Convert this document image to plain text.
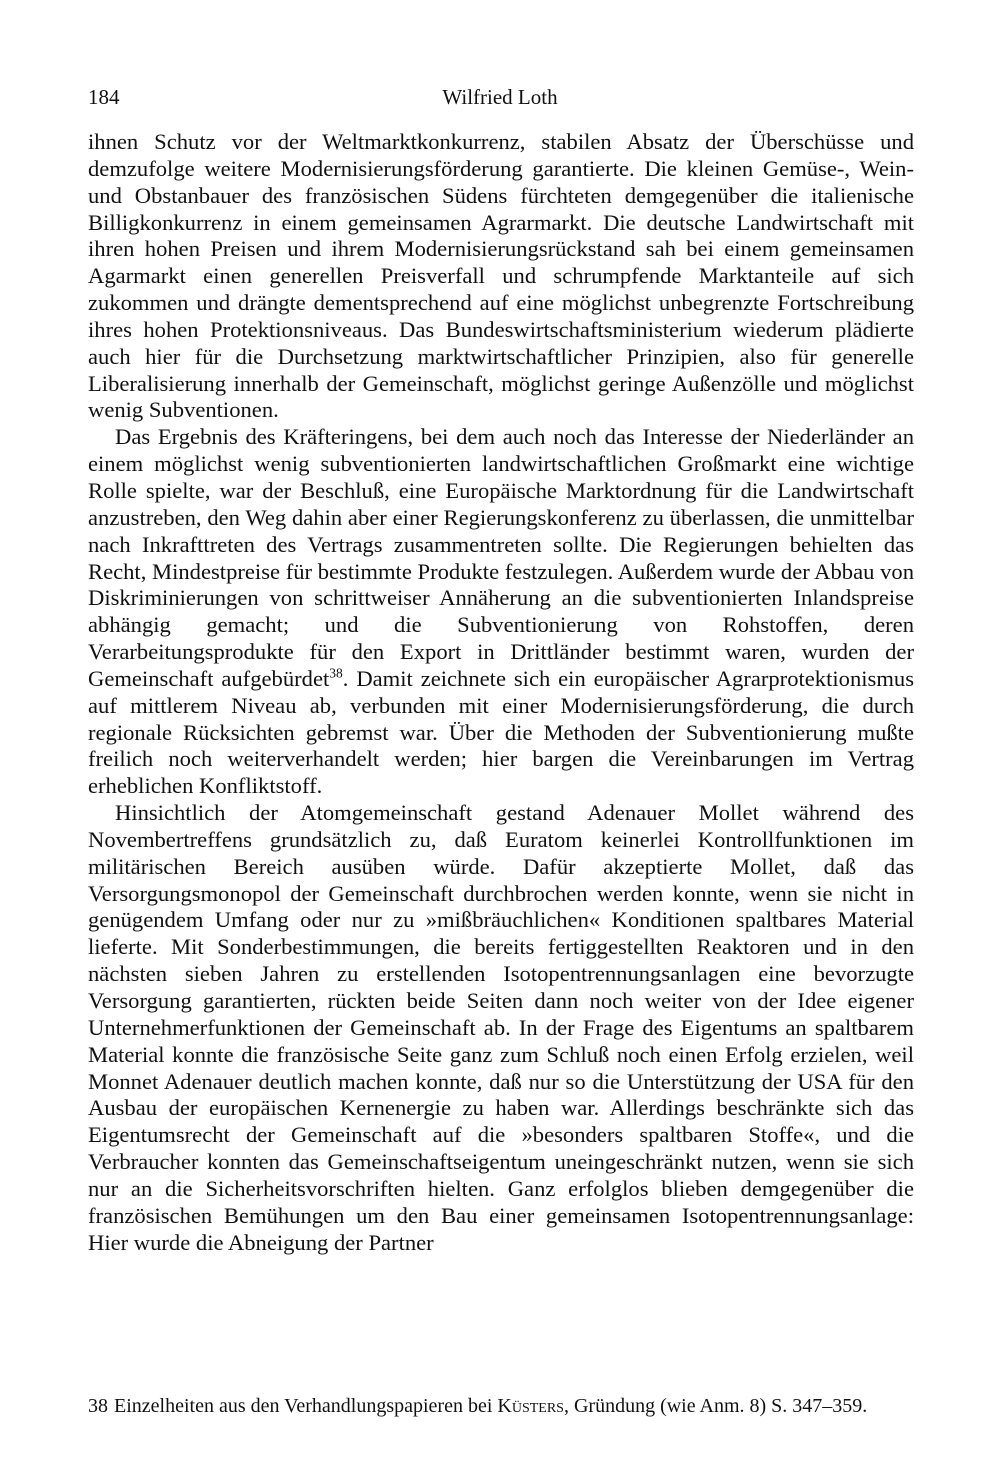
184	Wilfried Loth

ihnen Schutz vor der Weltmarktkonkurrenz, stabilen Absatz der Überschüsse und demzufolge weitere Modernisierungsförderung garantierte. Die kleinen Gemüse-, Wein- und Obstanbauer des französischen Südens fürchteten demgegenüber die italienische Billigkonkurrenz in einem gemeinsamen Agrarmarkt. Die deutsche Landwirtschaft mit ihren hohen Preisen und ihrem Modernisierungsrückstand sah bei einem gemeinsamen Agarmarkt einen generellen Preisverfall und schrumpfende Marktanteile auf sich zukommen und drängte dementsprechend auf eine möglichst unbegrenzte Fortschreibung ihres hohen Protektionsniveaus. Das Bundeswirtschaftsministerium wiederum plädierte auch hier für die Durchsetzung marktwirtschaftlicher Prinzipien, also für generelle Liberalisierung innerhalb der Gemeinschaft, möglichst geringe Außenzölle und möglichst wenig Subventionen.

Das Ergebnis des Kräfteringens, bei dem auch noch das Interesse der Niederländer an einem möglichst wenig subventionierten landwirtschaftlichen Großmarkt eine wichtige Rolle spielte, war der Beschluß, eine Europäische Marktordnung für die Landwirtschaft anzustreben, den Weg dahin aber einer Regierungskonferenz zu überlassen, die unmittelbar nach Inkrafttreten des Vertrags zusammentreten sollte. Die Regierungen behielten das Recht, Mindestpreise für bestimmte Produkte festzulegen. Außerdem wurde der Abbau von Diskriminierungen von schrittweiser Annäherung an die subventionierten Inlandspreise abhängig gemacht; und die Subventionierung von Rohstoffen, deren Verarbeitungsprodukte für den Export in Drittländer bestimmt waren, wurden der Gemeinschaft aufgebürdet$^{38}$. Damit zeichnete sich ein europäischer Agrarprotektionismus auf mittlerem Niveau ab, verbunden mit einer Modernisierungsförderung, die durch regionale Rücksichten gebremst war. Über die Methoden der Subventionierung mußte freilich noch weiterverhandelt werden; hier bargen die Vereinbarungen im Vertrag erheblichen Konfliktstoff.

Hinsichtlich der Atomgemeinschaft gestand Adenauer Mollet während des Novembertreffens grundsätzlich zu, daß Euratom keinerlei Kontrollfunktionen im militärischen Bereich ausüben würde. Dafür akzeptierte Mollet, daß das Versorgungsmonopol der Gemeinschaft durchbrochen werden konnte, wenn sie nicht in genügendem Umfang oder nur zu »mißbräuchlichen« Konditionen spaltbares Material lieferte. Mit Sonderbestimmungen, die bereits fertiggestellten Reaktoren und in den nächsten sieben Jahren zu erstellenden Isotopentrennungsanlagen eine bevorzugte Versorgung garantierten, rückten beide Seiten dann noch weiter von der Idee eigener Unternehmerfunktionen der Gemeinschaft ab. In der Frage des Eigentums an spaltbarem Material konnte die französische Seite ganz zum Schluß noch einen Erfolg erzielen, weil Monnet Adenauer deutlich machen konnte, daß nur so die Unterstützung der USA für den Ausbau der europäischen Kernenergie zu haben war. Allerdings beschränkte sich das Eigentumsrecht der Gemeinschaft auf die »besonders spaltbaren Stoffe«, und die Verbraucher konnten das Gemeinschaftseigentum uneingeschränkt nutzen, wenn sie sich nur an die Sicherheitsvorschriften hielten. Ganz erfolglos blieben demgegenüber die französischen Bemühungen um den Bau einer gemeinsamen Isotopentrennungsanlage: Hier wurde die Abneigung der Partner

38 Einzelheiten aus den Verhandlungspapieren bei Küsters, Gründung (wie Anm. 8) S. 347–359.
